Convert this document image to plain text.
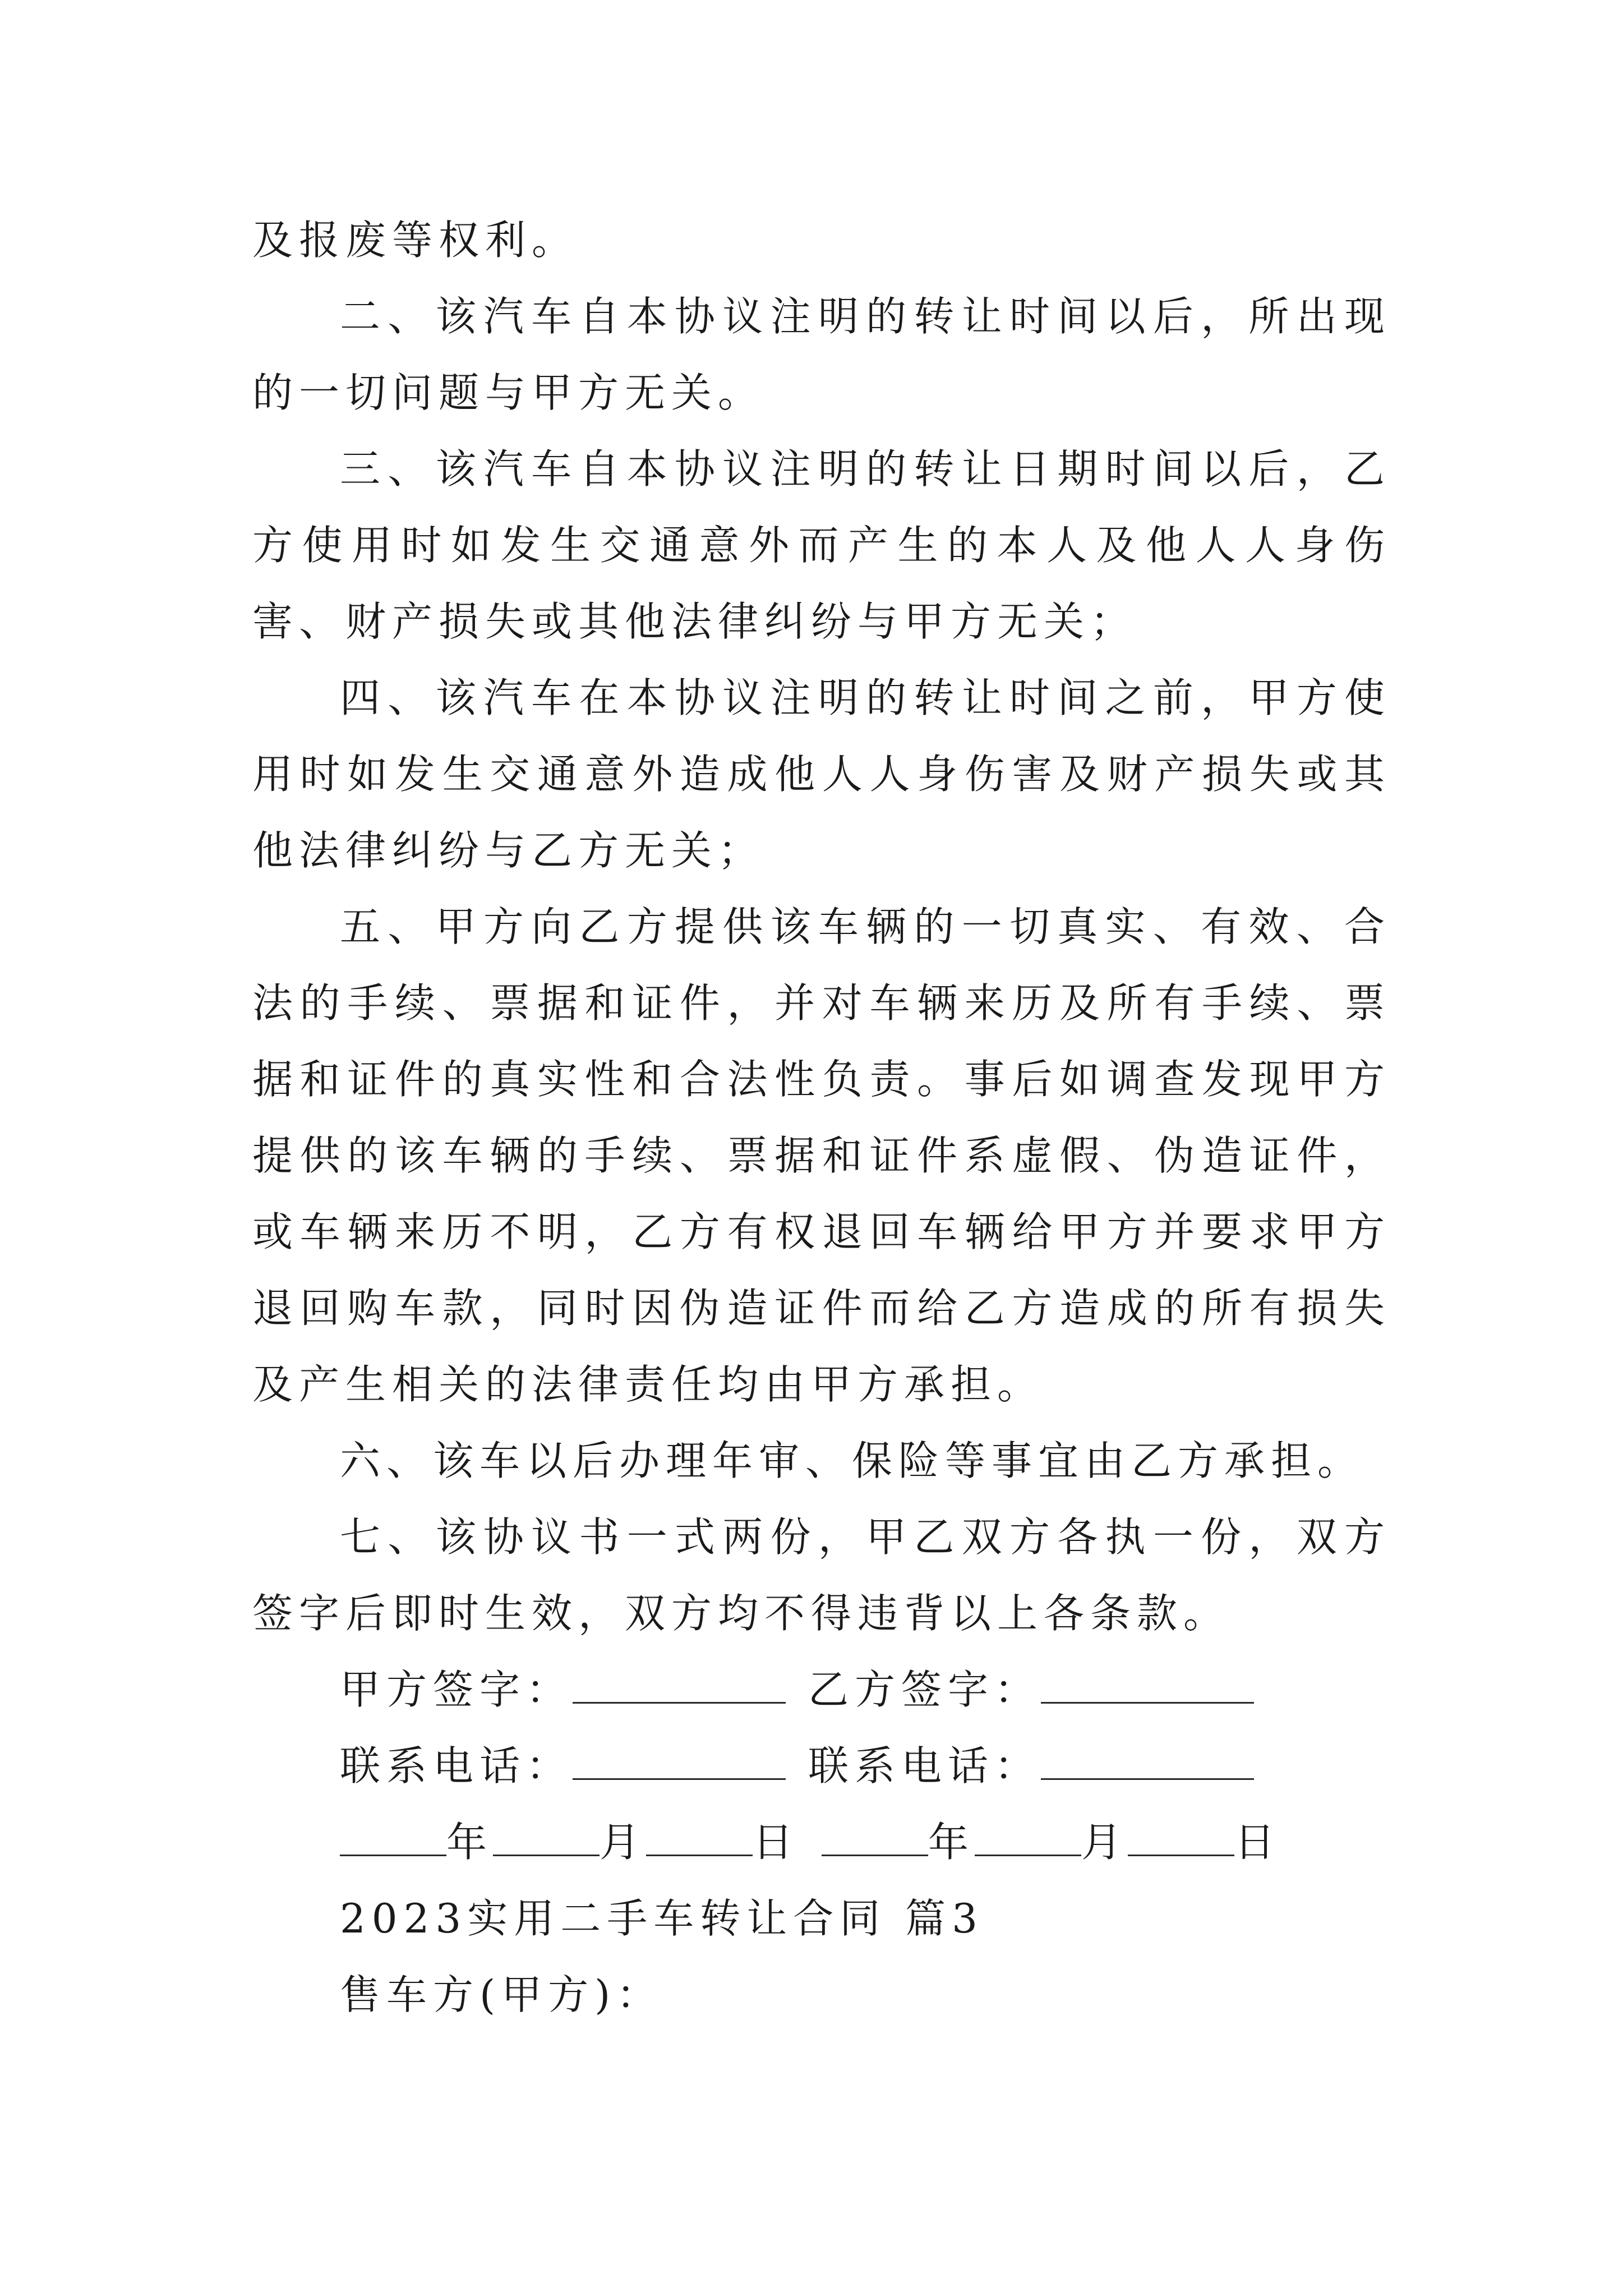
及报废等权利。

二、该汽车自本协议注明的转让时间以后，所出现的一切问题与甲方无关。

三、该汽车自本协议注明的转让日期时间以后，乙方使用时如发生交通意外而产生的本人及他人人身伤害、财产损失或其他法律纠纷与甲方无关；

四、该汽车在本协议注明的转让时间之前，甲方使用时如发生交通意外造成他人人身伤害及财产损失或其他法律纠纷与乙方无关；

五、甲方向乙方提供该车辆的一切真实、有效、合法的手续、票据和证件，并对车辆来历及所有手续、票据和证件的真实性和合法性负责。事后如调查发现甲方提供的该车辆的手续、票据和证件系虚假、伪造证件，或车辆来历不明，乙方有权退回车辆给甲方并要求甲方退回购车款，同时因伪造证件而给乙方造成的所有损失及产生相关的法律责任均由甲方承担。

六、该车以后办理年审、保险等事宜由乙方承担。

七、该协议书一式两份，甲乙双方各执一份，双方签字后即时生效，双方均不得违背以上各条款。

甲方签字：	乙方签字：
联系电话：	联系电话：
年	月	日	年	月	日
2023实用二手车转让合同 篇3
售车方(甲方)：
